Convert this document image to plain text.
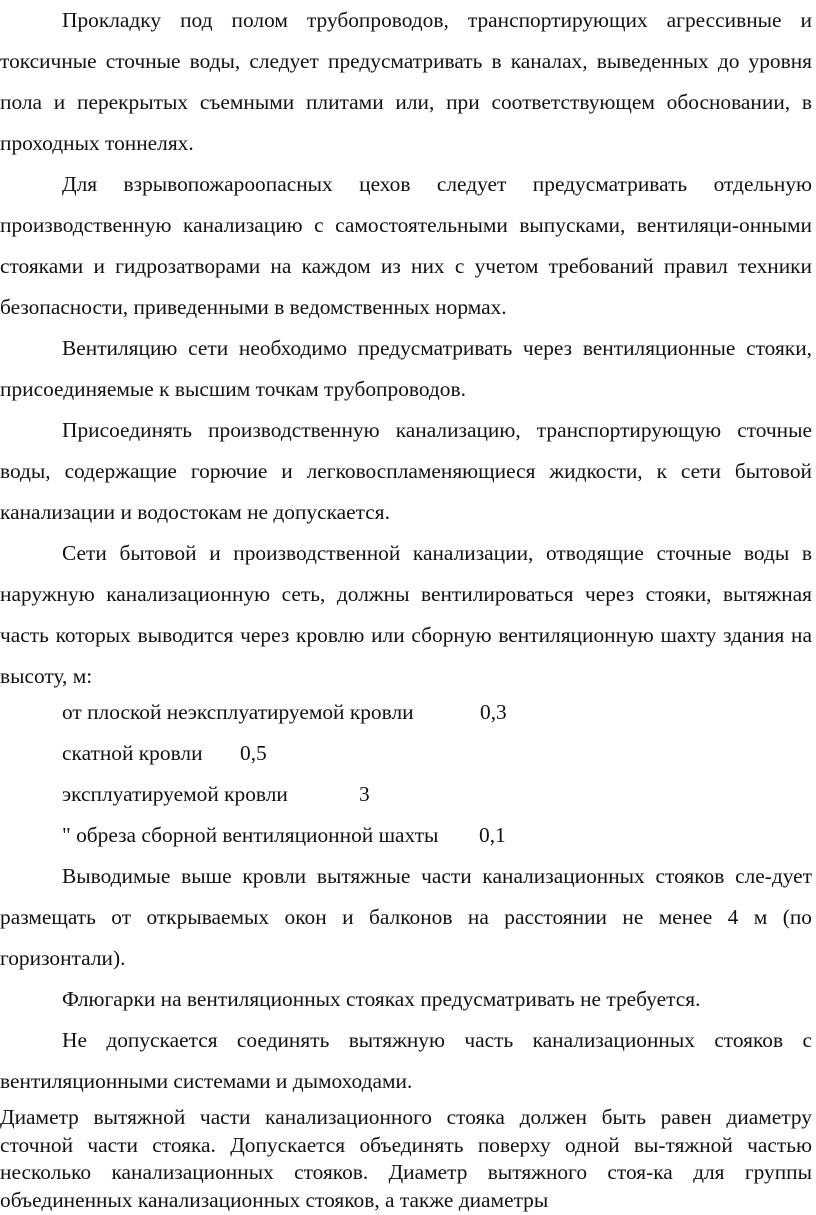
Прокладку под полом трубопроводов, транспортирующих агрессивные и токсичные сточные воды, следует предусматривать в каналах, выведенных до уровня пола и перекрытых съемными плитами или, при соответствующем обосновании, в проходных тоннелях.

Для взрывопожароопасных цехов следует предусматривать отдельную производственную канализацию с самостоятельными выпусками, вентиляци-онными стояками и гидрозатворами на каждом из них с учетом требований правил техники безопасности, приведенными в ведомственных нормах.

Вентиляцию сети необходимо предусматривать через вентиляционные стояки, присоединяемые к высшим точкам трубопроводов.

Присоединять производственную канализацию, транспортирующую сточные воды, содержащие горючие и легковоспламеняющиеся жидкости, к сети бытовой канализации и водостокам не допускается.

Сети бытовой и производственной канализации, отводящие сточные воды в наружную канализационную сеть, должны вентилироваться через стояки, вытяжная часть которых выводится через кровлю или сборную вентиляционную шахту здания на высоту, м:

от плоской неэксплуатируемой кровли	0,3
скатной кровли 0,5
эксплуатируемой кровли	3
" обреза сборной вентиляционной шахты 0,1

Выводимые выше кровли вытяжные части канализационных стояков сле-дует размещать от открываемых окон и балконов на расстоянии не менее 4 м (по горизонтали).

Флюгарки на вентиляционных стояках предусматривать не требуется.

Не допускается соединять вытяжную часть канализационных стояков с вентиляционными системами и дымоходами.

Диаметр вытяжной части канализационного стояка должен быть равен диаметру сточной части стояка. Допускается объединять поверху одной вы-тяжной частью несколько канализационных стояков. Диаметр вытяжного стоя-ка для группы объединенных канализационных стояков, а также диаметры
